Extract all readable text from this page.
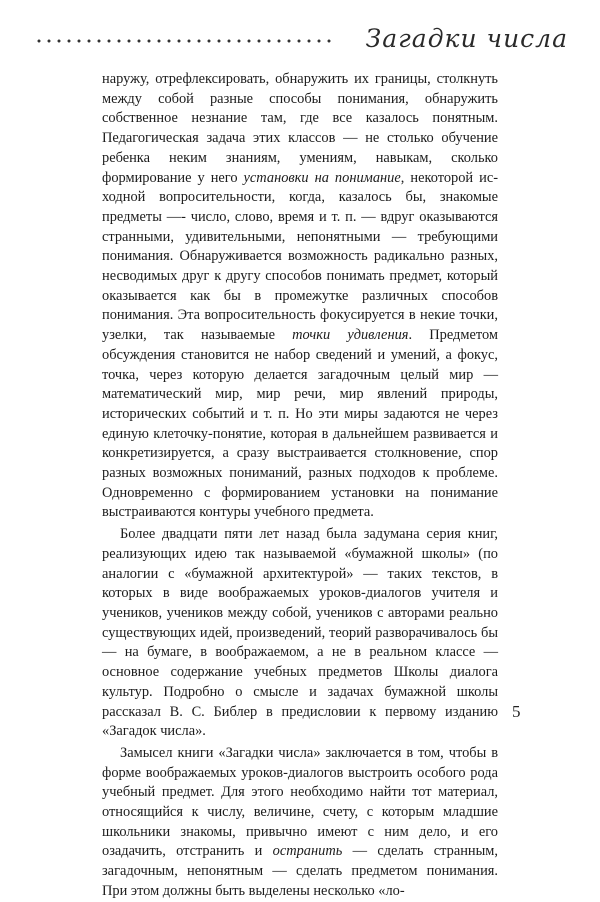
Загадки числа

наружу, отрефлексировать, обнаружить их границы, столкнуть между собой разные способы понимания, обнаружить собственное незнание там, где все казалось понятным. Педагогическая задача этих классов — не столько обучение ребенка неким знаниям, умениям, навыкам, сколько формирование у него установки на понимание, некоторой исходной вопросительности, когда, казалось бы, знакомые предметы —- число, слово, время и т. п. — вдруг оказываются странными, удивительными, непонятными — требующими понимания. Обнаруживается возможность радикально разных, несводимых друг к другу способов понимать предмет, который оказывается как бы в промежутке различных способов понимания. Эта вопросительность фокусируется в некие точки, узелки, так называемые точки удивления. Предметом обсуждения становится не набор сведений и умений, а фокус, точка, через которую делается загадочным целый мир — математический мир, мир речи, мир явлений природы, исторических событий и т. п. Но эти миры задаются не через единую клеточку-понятие, которая в дальнейшем развивается и конкретизируется, а сразу выстраивается столкновение, спор разных возможных пониманий, разных подходов к проблеме. Одновременно с формированием установки на понимание выстраиваются контуры учебного предмета.

Более двадцати пяти лет назад была задумана серия книг, реализующих идею так называемой «бумажной школы» (по аналогии с «бумажной архитектурой» — таких текстов, в которых в виде воображаемых уроков-диалогов учителя и учеников, учеников между собой, учеников с авторами реально существующих идей, произведений, теорий разворачивалось бы — на бумаге, в воображаемом, а не в реальном классе — основное содержание учебных предметов Школы диалога культур. Подробно о смысле и задачах бумажной школы рассказал В. С. Библер в предисловии к первому изданию «Загадок числа».

Замысел книги «Загадки числа» заключается в том, чтобы в форме воображаемых уроков-диалогов выстроить особого рода учебный предмет. Для этого необходимо найти тот материал, относящийся к числу, величине, счету, с которым младшие школьники знакомы, привычно имеют с ним дело, и его озадачить, отстранить и остранить — сделать странным, загадочным, непонятным — сделать предметом понимания. При этом должны быть выделены несколько «ло-

5
